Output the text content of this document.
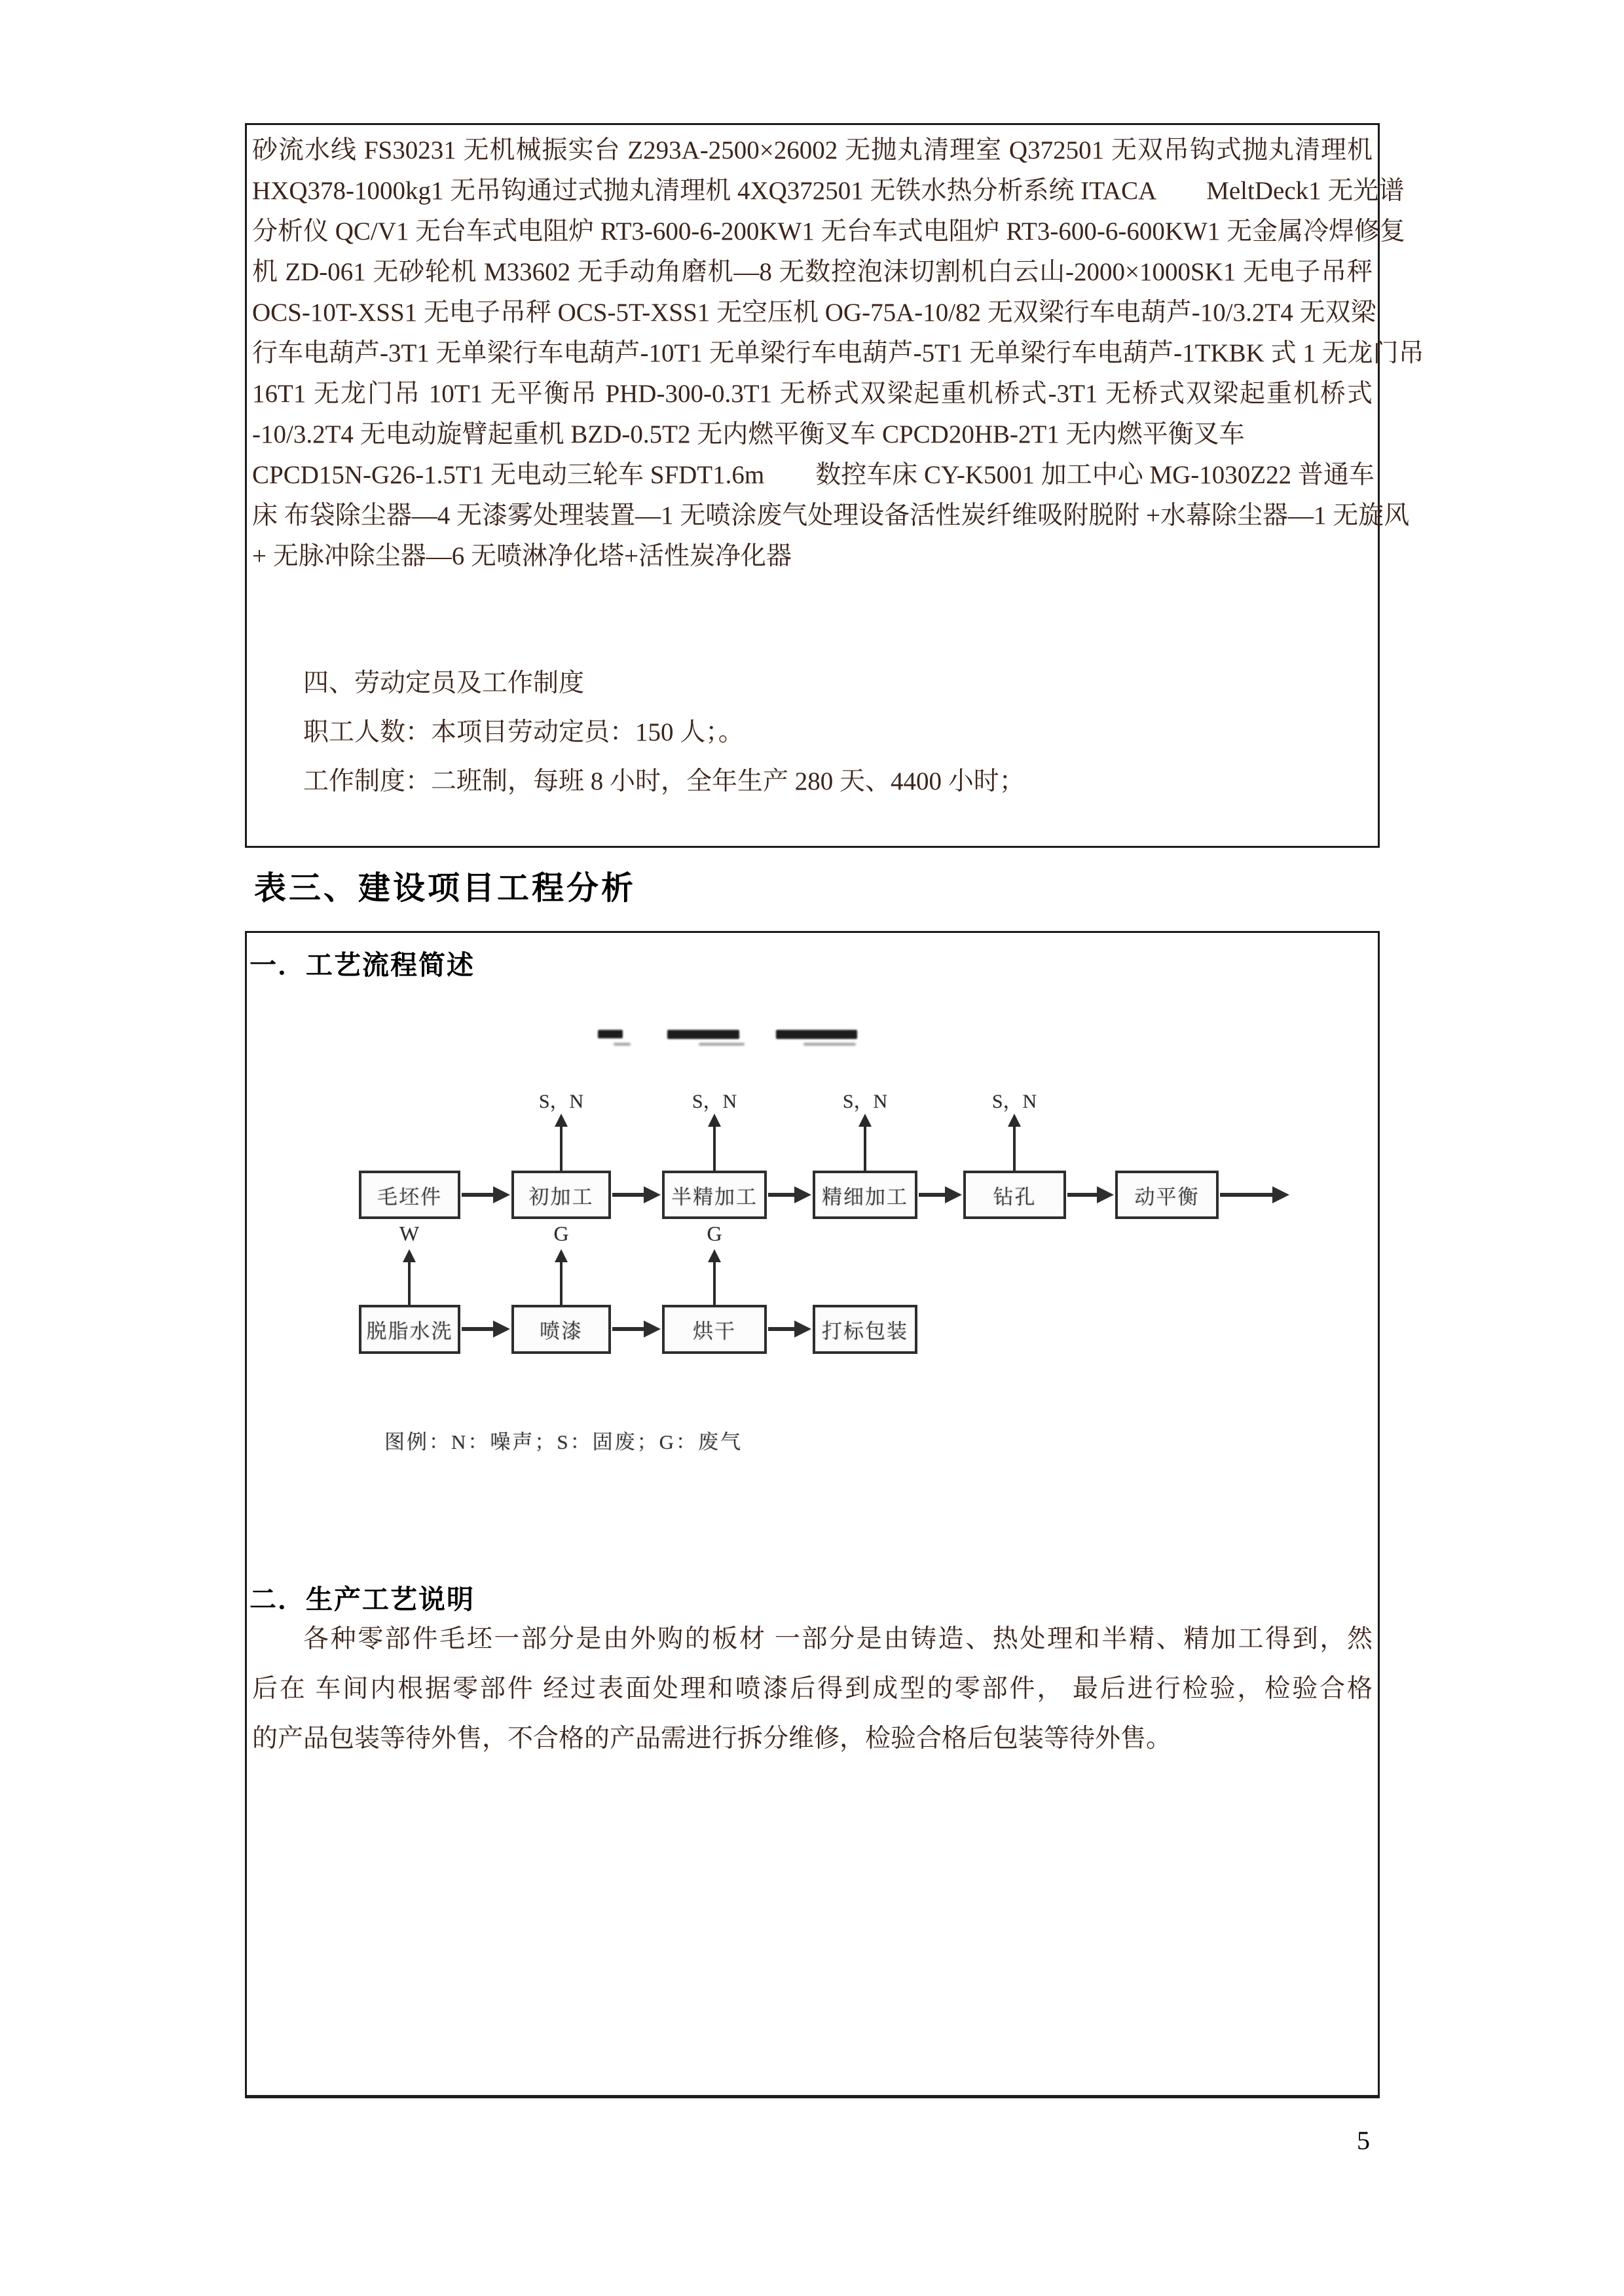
砂流水线 FS30231 无机械振实台 Z293A-2500×26002 无抛丸清理室 Q372501 无双吊钩式抛丸清理机
HXQ378-1000kg1 无吊钩通过式抛丸清理机 4XQ372501 无铁水热分析系统 ITACA　　MeltDeck1 无光谱
分析仪 QC/V1 无台车式电阻炉 RT3-600-6-200KW1 无台车式电阻炉 RT3-600-6-600KW1 无金属冷焊修复
机 ZD-061 无砂轮机 M33602 无手动角磨机—8 无数控泡沫切割机白云山-2000×1000SK1 无电子吊秤
OCS-10T-XSS1 无电子吊秤 OCS-5T-XSS1 无空压机 OG-75A-10/82 无双梁行车电葫芦-10/3.2T4 无双梁
行车电葫芦-3T1 无单梁行车电葫芦-10T1 无单梁行车电葫芦-5T1 无单梁行车电葫芦-1TKBK 式 1 无龙门吊
16T1 无龙门吊 10T1 无平衡吊 PHD-300-0.3T1 无桥式双梁起重机桥式-3T1 无桥式双梁起重机桥式
-10/3.2T4 无电动旋臂起重机 BZD-0.5T2 无内燃平衡叉车 CPCD20HB-2T1 无内燃平衡叉车
CPCD15N-G26-1.5T1 无电动三轮车 SFDT1.6m　　数控车床 CY-K5001 加工中心 MG-1030Z22 普通车
床 布袋除尘器—4 无漆雾处理装置—1 无喷涂废气处理设备活性炭纤维吸附脱附 +水幕除尘器—1 无旋风
+ 无脉冲除尘器—6 无喷淋净化塔+活性炭净化器
四、劳动定员及工作制度
职工人数：本项目劳动定员：150 人；。
工作制度：二班制，每班 8 小时，全年生产 280 天、4400 小时；
表三、建设项目工程分析
一．工艺流程简述
S，N	S，N	S，N	S，N
毛坯件	初加工	半精加工	精细加工	钻孔	动平衡
W	G	G
脱脂水洗	喷漆	烘干	打标包装
图例：N：噪声；S：固废；G：废气
二．生产工艺说明
各种零部件毛坯一部分是由外购的板材 一部分是由铸造、热处理和半精、精加工得到，然
后在 车间内根据零部件 经过表面处理和喷漆后得到成型的零部件， 最后进行检验，检验合格
的产品包装等待外售，不合格的产品需进行拆分维修，检验合格后包装等待外售。
5
